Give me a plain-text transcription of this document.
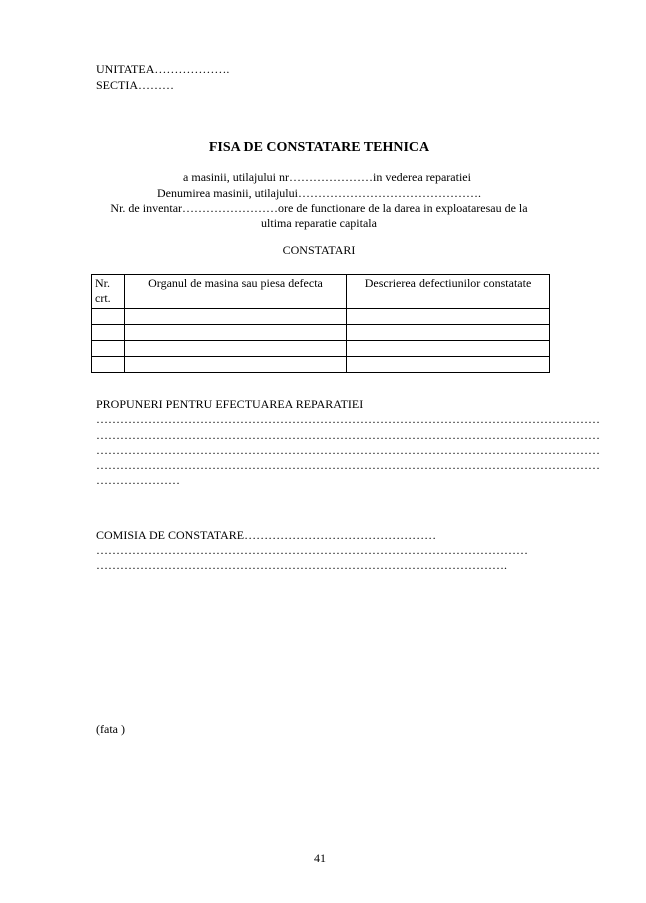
UNITATEA……………….
SECTIA………
FISA DE CONSTATARE TEHNICA
a masinii, utilajului nr…………………in vederea reparatiei
Denumirea masinii, utilajului……………………………………….
Nr. de inventar……………………ore de functionare de la darea in exploataresau de la
ultima reparatie capitala
CONSTATARI
Nr. crt.	Organul de masina sau piesa defecta	Descrierea defectiunilor constatate

PROPUNERI PENTRU EFECTUAREA REPARATIEI
………………………………………………………………………………………………………………
………………………………………………………………………………………………………………
………………………………………………………………………………………………………………
………………………………………………………………………………………………………………
…………………
COMISIA DE CONSTATARE…………………………………………
………………………………………………………………………………………………
………………………………………………………………………………………….
(fata )
41
